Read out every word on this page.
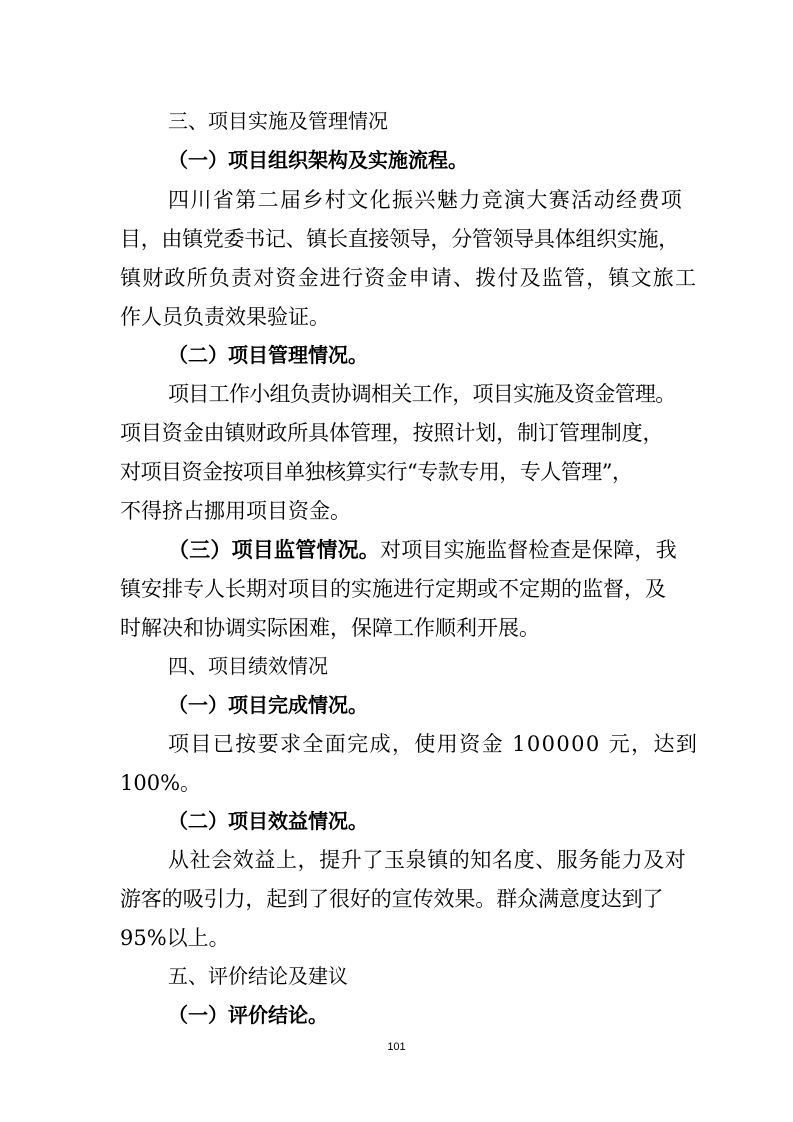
三、项目实施及管理情况
（一）项目组织架构及实施流程。
四川省第二届乡村文化振兴魅力竞演大赛活动经费项
目，由镇党委书记、镇长直接领导，分管领导具体组织实施，
镇财政所负责对资金进行资金申请、拨付及监管，镇文旅工
作人员负责效果验证。
（二）项目管理情况。
项目工作小组负责协调相关工作，项目实施及资金管理。
项目资金由镇财政所具体管理，按照计划，制订管理制度，
对项目资金按项目单独核算实行“专款专用，专人管理”，
不得挤占挪用项目资金。
（三）项目监管情况。对项目实施监督检查是保障，我
镇安排专人长期对项目的实施进行定期或不定期的监督，及
时解决和协调实际困难，保障工作顺利开展。
四、项目绩效情况
（一）项目完成情况。
项目已按要求全面完成，使用资金 100000 元，达到
100%。
（二）项目效益情况。
从社会效益上，提升了玉泉镇的知名度、服务能力及对
游客的吸引力，起到了很好的宣传效果。群众满意度达到了
95%以上。
五、评价结论及建议
（一）评价结论。
101
